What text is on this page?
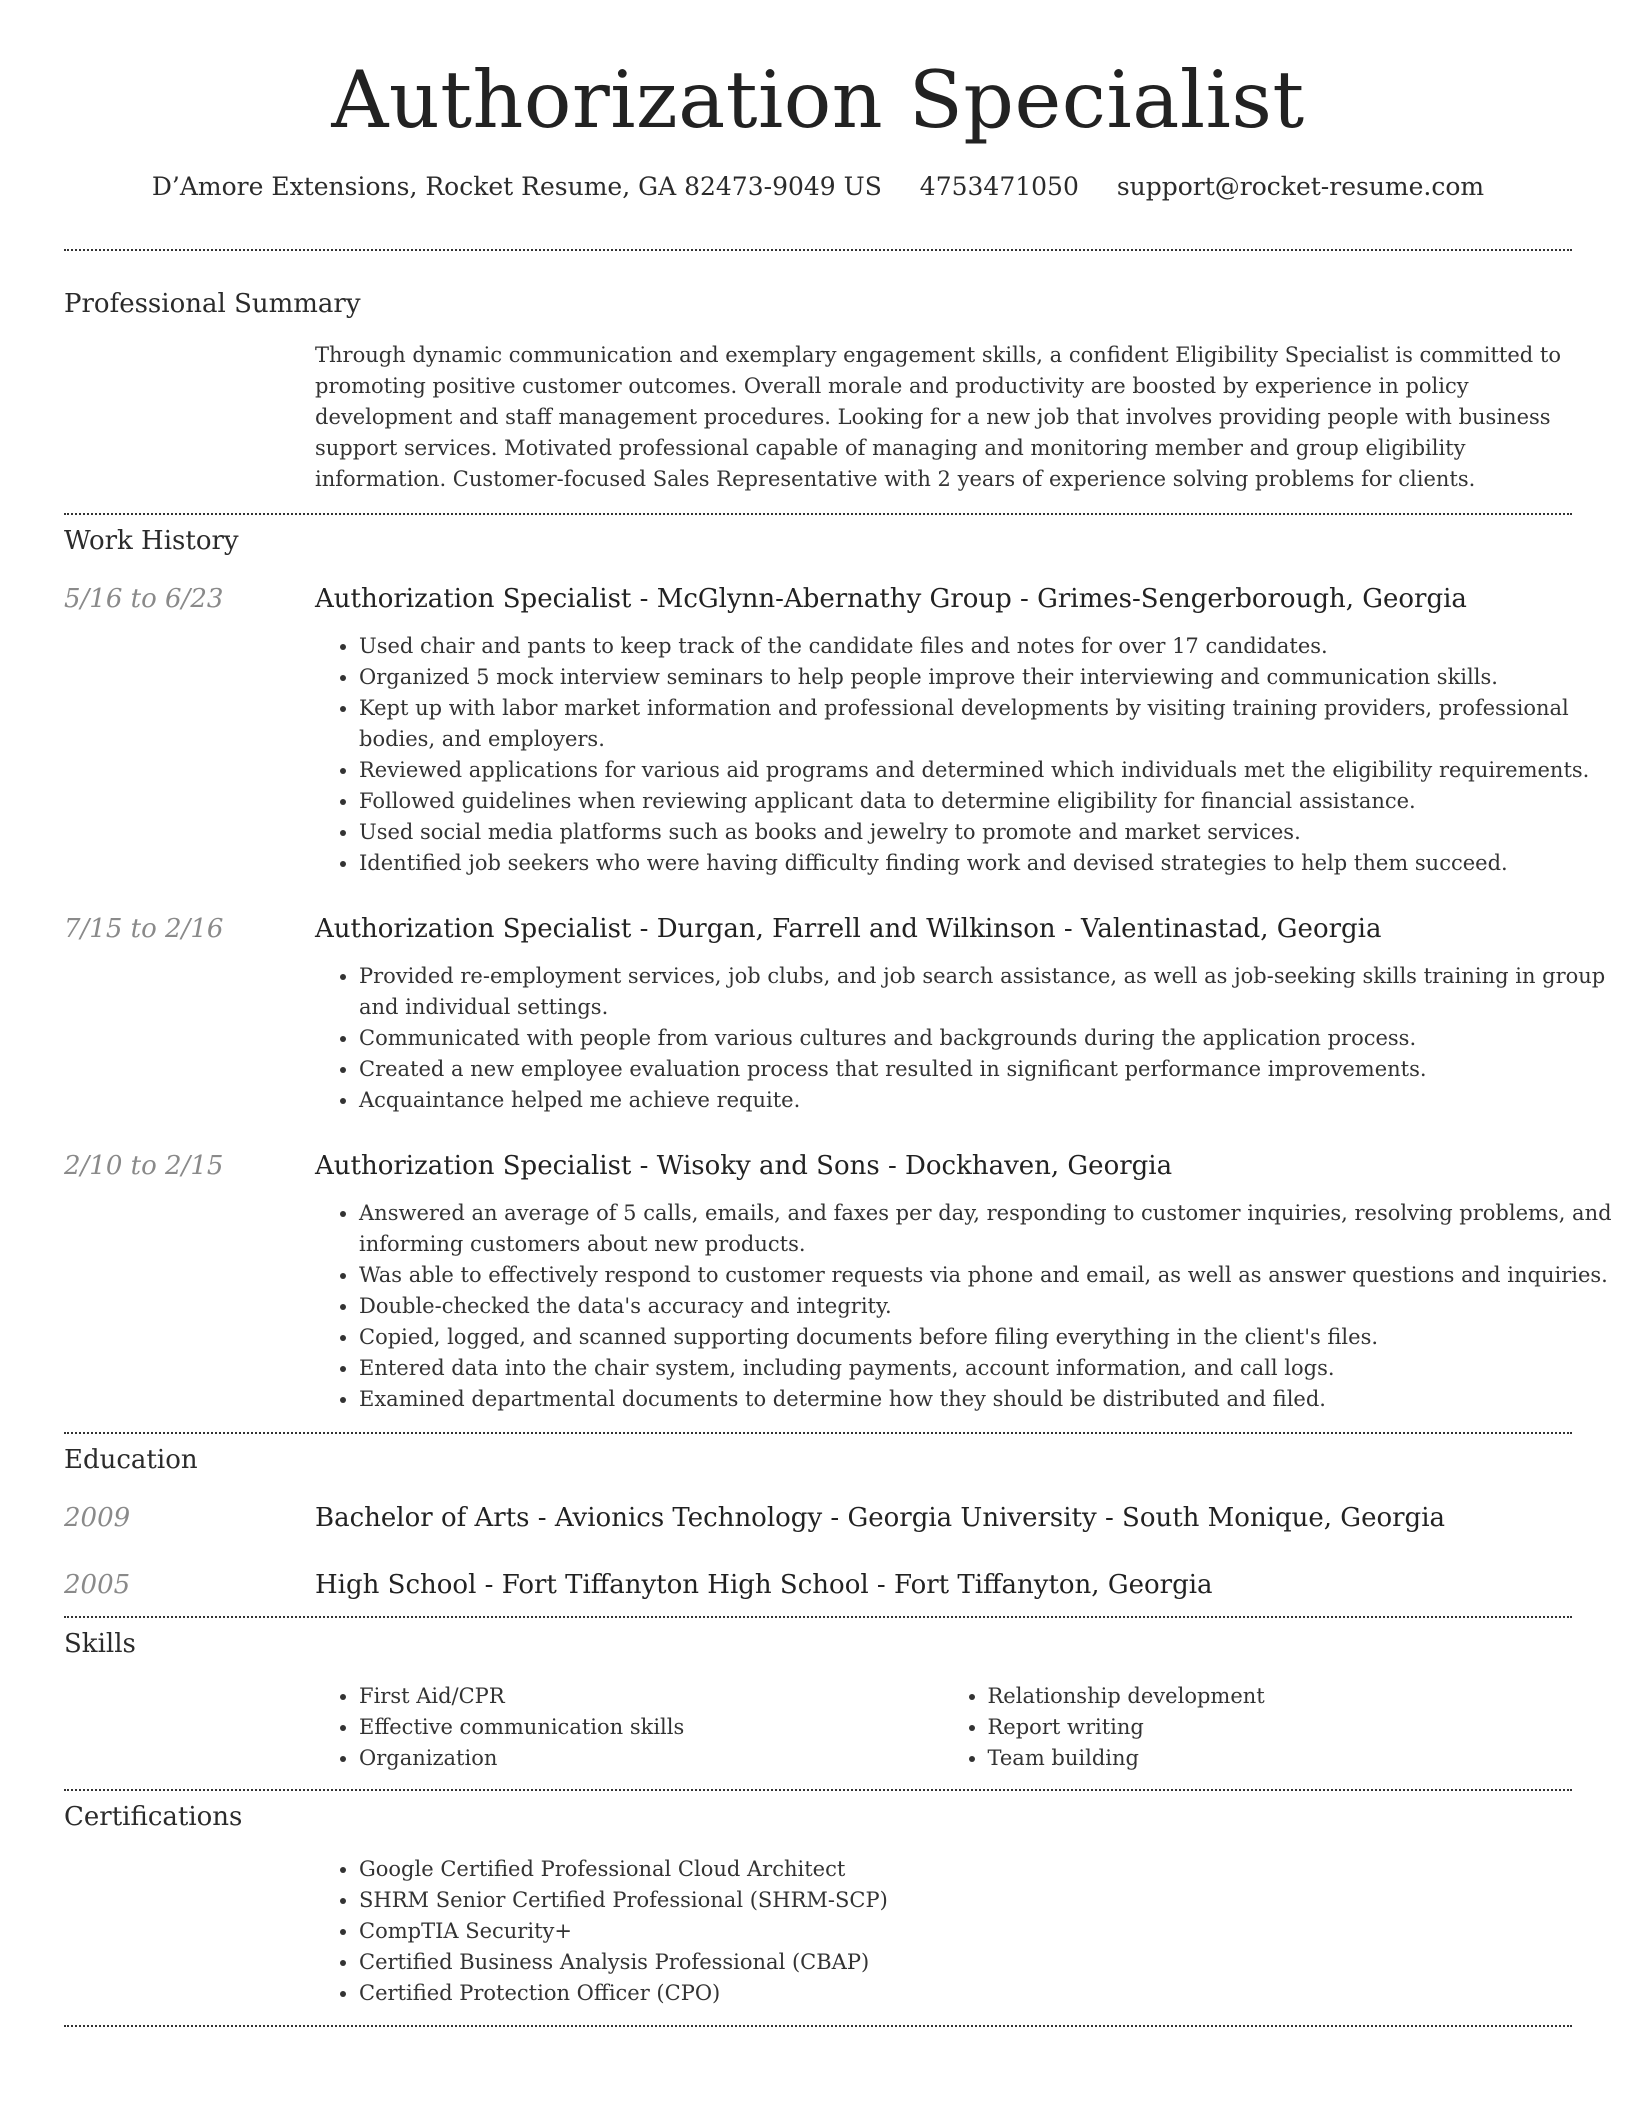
Authorization Specialist
D’Amore Extensions, Rocket Resume, GA 82473-9049 US 4753471050 support@rocket-resume.com
Professional Summary
Through dynamic communication and exemplary engagement skills, a confident Eligibility Specialist is committed to promoting positive customer outcomes. Overall morale and productivity are boosted by experience in policy development and staff management procedures. Looking for a new job that involves providing people with business support services. Motivated professional capable of managing and monitoring member and group eligibility information. Customer-focused Sales Representative with 2 years of experience solving problems for clients.
Work History
5/16 to 6/23	Authorization Specialist - McGlynn-Abernathy Group - Grimes-Sengerborough, Georgia
• Used chair and pants to keep track of the candidate files and notes for over 17 candidates.
• Organized 5 mock interview seminars to help people improve their interviewing and communication skills.
• Kept up with labor market information and professional developments by visiting training providers, professional bodies, and employers.
• Reviewed applications for various aid programs and determined which individuals met the eligibility requirements.
• Followed guidelines when reviewing applicant data to determine eligibility for financial assistance.
• Used social media platforms such as books and jewelry to promote and market services.
• Identified job seekers who were having difficulty finding work and devised strategies to help them succeed.
7/15 to 2/16	Authorization Specialist - Durgan, Farrell and Wilkinson - Valentinastad, Georgia
• Provided re-employment services, job clubs, and job search assistance, as well as job-seeking skills training in group and individual settings.
• Communicated with people from various cultures and backgrounds during the application process.
• Created a new employee evaluation process that resulted in significant performance improvements.
• Acquaintance helped me achieve requite.
2/10 to 2/15	Authorization Specialist - Wisoky and Sons - Dockhaven, Georgia
• Answered an average of 5 calls, emails, and faxes per day, responding to customer inquiries, resolving problems, and informing customers about new products.
• Was able to effectively respond to customer requests via phone and email, as well as answer questions and inquiries.
• Double-checked the data's accuracy and integrity.
• Copied, logged, and scanned supporting documents before filing everything in the client's files.
• Entered data into the chair system, including payments, account information, and call logs.
• Examined departmental documents to determine how they should be distributed and filed.
Education
2009	Bachelor of Arts - Avionics Technology - Georgia University - South Monique, Georgia
2005	High School - Fort Tiffanyton High School - Fort Tiffanyton, Georgia
Skills
• First Aid/CPR
• Effective communication skills
• Organization
• Relationship development
• Report writing
• Team building
Certifications
• Google Certified Professional Cloud Architect
• SHRM Senior Certified Professional (SHRM-SCP)
• CompTIA Security+
• Certified Business Analysis Professional (CBAP)
• Certified Protection Officer (CPO)
